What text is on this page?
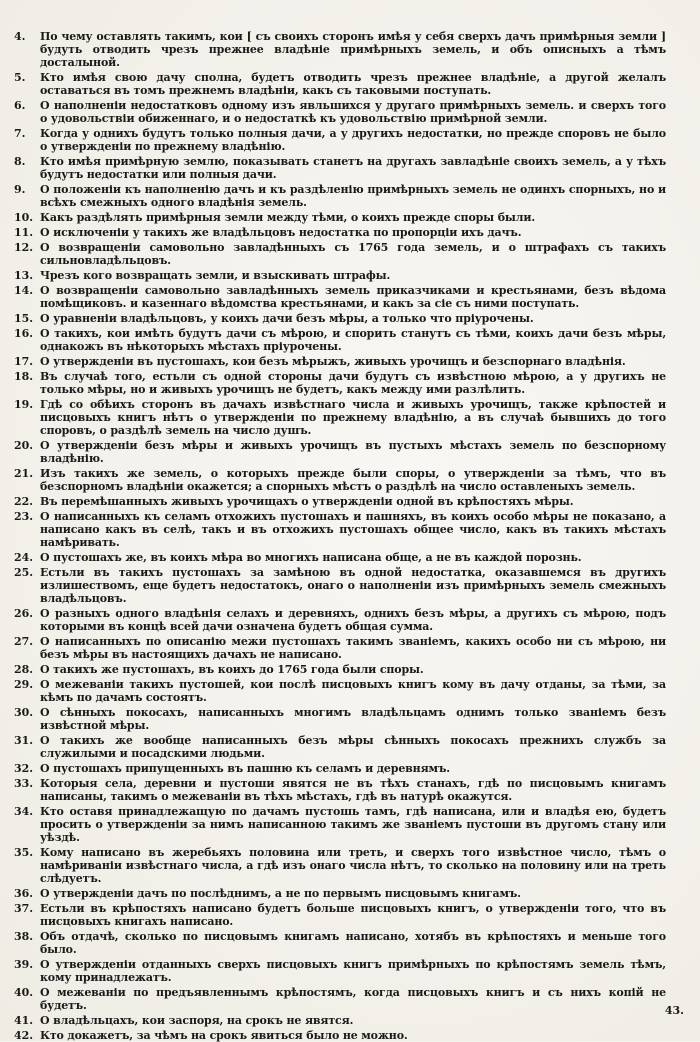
4.	По чему оставлять такимъ, кои [ съ своихъ сторонъ имѣя у себя сверхъ дачъ примѣрныя земли ] будуть отводить чрезъ прежнее владѣніе примѣрныхъ земель, и объ описныхъ а тѣмъ досталыной.
5.	Кто имѣя свою дачу сполна, будетъ отводить чрезъ прежнее владѣніе, а другой желалъ оставаться въ томъ прежнемъ владѣніи, какъ съ таковыми поступать.
6.	О наполненіи недостатковъ одному изъ явльшихся у другаго примѣрныхъ земель. и сверхъ того о удовольствіи обиженнаго, и о недостаткѣ къ удовольствію примѣрной земли.
7.	Когда у однихъ будутъ только полныя дачи, а у другихъ недостатки, но прежде споровъ не было о утвержденіи по прежнему владѣнію.
8.	Кто имѣя примѣрную землю, показывать станетъ на другахъ завладѣніе своихъ земель, а у тѣхъ будутъ недостатки или полныя дачи.
9.	О положеніи къ наполненію дачъ и къ раздѣленію примѣрныхъ земель не одинхъ спорныхъ, но и всѣхъ смежныхъ одного владѣнія земель.
10. Какъ раздѣлять примѣрныя земли между тѣми, о коихъ прежде споры были.
11. О исключеніи у такихъ же владѣльцовъ недостатка по пропорціи ихъ дачъ.
12. О возвращеніи самовольно завладѣнныхъ съ 1765 года земель, и о штрафахъ съ такихъ сильновладѣльцовъ.
13. Чрезъ кого возвращать земли, и взыскивать штрафы.
14. О возвращеніи самовольно завладѣнныхъ земель приказчиками и крестьянами, безъ вѣдома помѣщиковъ. и казеннаго вѣдомства крестьянами, и какъ за сіе съ ними поступать.
15. О уравненіи владѣльцовъ, у коихъ дачи безъ мѣры, а только что пріурочены.
16. О такихъ, кои имѣть будутъ дачи съ мѣрою, и спорить станутъ съ тѣми, коихъ дачи безъ мѣры, однакожъ въ нѣкоторыхъ мѣстахъ пріурочены.
17. О утвержденіи въ пустошахъ, кои безъ мѣрыжъ, живыхъ урочищъ и безспорнаго владѣнія.
18. Въ случаѣ того, естьли съ одной стороны дачи будутъ съ извѣстною мѣрою, а у другихъ не только мѣры, но и живыхъ урочищъ не будетъ, какъ между ими разлѣлить.
19. Гдѣ со обѣихъ сторонъ въ дачахъ извѣстнаго числа и живыхъ урочищъ, также крѣпостей и писцовыхъ книгъ нѣтъ о утвержденіи по прежнему владѣнію, а въ случаѣ бывшихъ до того споровъ, о раздѣлѣ земель на число душъ.
20. О утвержденіи безъ мѣры и живыхъ урочищъ въ пустыхъ мѣстахъ земель по безспорному владѣнію.
21. Изъ такихъ же земель, о которыхъ прежде были споры, о утвержденіи за тѣмъ, что въ безспорномъ владѣніи окажется; а спорныхъ мѣстъ о раздѣлѣ на число оставленыхъ земель.
22. Въ перемѣшанныхъ живыхъ урочищахъ о утвержденіи одной въ крѣпостяхъ мѣры.
23. О написанныхъ къ селамъ отхожихъ пустошахъ и пашняхъ, въ коихъ особо мѣры не показано, а написано какъ въ селѣ, такъ и въ отхожихъ пустошахъ общее число, какъ въ такихъ мѣстахъ намѣривать.
24. О пустошахъ же, въ коихъ мѣра во многихъ написана обще, а не въ каждой порознь.
25. Естьли въ такихъ пустошахъ за замѣною въ одной недостатка, оказавшемся въ другихъ излишествомъ, еще будетъ недостатокъ, онаго о наполненіи изъ примѣрныхъ земель смежныхъ владѣльцовъ.
26. О разныхъ одного владѣнія селахъ и деревняхъ, однихъ безъ мѣры, а другихъ съ мѣрою, подъ которыми въ концѣ всей дачи означена будетъ общая сумма.
27. О написанныхъ по описанію межи пустошахъ такимъ званіемъ, какихъ особо ни съ мѣрою, ни безъ мѣры въ настоящихъ дачахъ не написано.
28. О такихъ же пустошахъ, въ коихъ до 1765 года были споры.
29. О межеваніи такихъ пустошей, кои послѣ писцовыхъ книгъ кому въ дачу отданы, за тѣми, за кѣмъ по дачамъ состоятъ.
30. О сѣнныхъ покосахъ, написанныхъ многимъ владѣльцамъ однимъ только званіемъ безъ извѣстной мѣры.
31. О такихъ же вообще написанныхъ безъ мѣры сѣнныхъ покосахъ прежнихъ службъ за служилыми и посадскими людьми.
32. О пустошахъ припущенныхъ въ пашню къ селамъ и деревнямъ.
33. Которыя села, деревни и пустоши явятся не въ тѣхъ станахъ, гдѣ по писцовымъ книгамъ написаны, такимъ о межеваніи въ тѣхъ мѣстахъ, гдѣ въ натурѣ окажутся.
34. Кто оставя принадлежащую по дачамъ пустошь тамъ, гдѣ написана, или и владѣя ею, будетъ просить о утвержденіи за нимъ написанною такимъ же званіемъ пустоши въ другомъ стану или уѣздѣ.
35. Кому написано въ жеребьяхъ половина или треть, и сверхъ того извѣстное число, тѣмъ о намѣриваніи извѣстнаго числа, а гдѣ изъ онаго числа нѣтъ, то сколько на половину или на треть слѣдуетъ.
36. О утвержденіи дачъ по послѣднимъ, а не по первымъ писцовымъ книгамъ.
37. Естьли въ крѣпостяхъ написано будетъ больше писцовыхъ книгъ, о утвержденіи того, что въ писцовыхъ книгахъ написано.
38. Объ отдачѣ, сколько по писцовымъ книгамъ написано, хотябъ въ крѣпостяхъ и меньше того было.
39. О утвержденіи отданныхъ сверхъ писцовыхъ книгъ примѣрныхъ по крѣпостямъ земель тѣмъ, кому принадлежатъ.
40. О межеваніи по предъявленнымъ крѣпостямъ, когда писцовыхъ книгъ и съ нихъ копій не будетъ.
41. О владѣльцахъ, кои заспоря, на срокъ не явятся.
42. Кто докажетъ, за чѣмъ на срокъ явиться было не можно.
43.
